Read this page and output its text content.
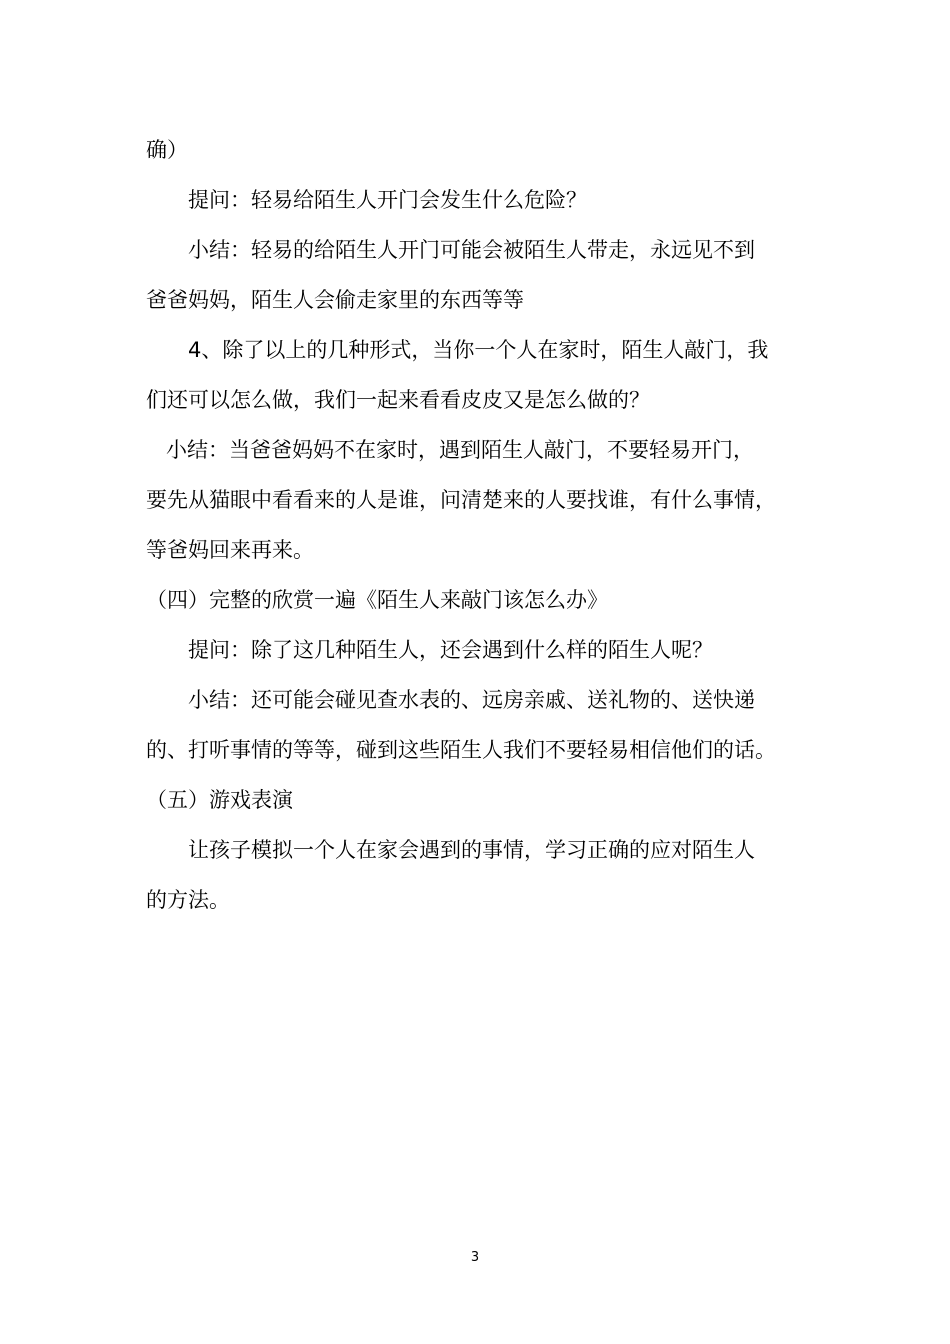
确）
提问：轻易给陌生人开门会发生什么危险？
小结：轻易的给陌生人开门可能会被陌生人带走，永远见不到
爸爸妈妈，陌生人会偷走家里的东西等等
4、除了以上的几种形式，当你一个人在家时，陌生人敲门，我
们还可以怎么做，我们一起来看看皮皮又是怎么做的？
小结：当爸爸妈妈不在家时，遇到陌生人敲门，不要轻易开门，
要先从猫眼中看看来的人是谁，问清楚来的人要找谁，有什么事情，
等爸妈回来再来。
（四）完整的欣赏一遍《陌生人来敲门该怎么办》
提问：除了这几种陌生人，还会遇到什么样的陌生人呢？
小结：还可能会碰见查水表的、远房亲戚、送礼物的、送快递
的、打听事情的等等，碰到这些陌生人我们不要轻易相信他们的话。
（五）游戏表演
让孩子模拟一个人在家会遇到的事情，学习正确的应对陌生人
的方法。
3
